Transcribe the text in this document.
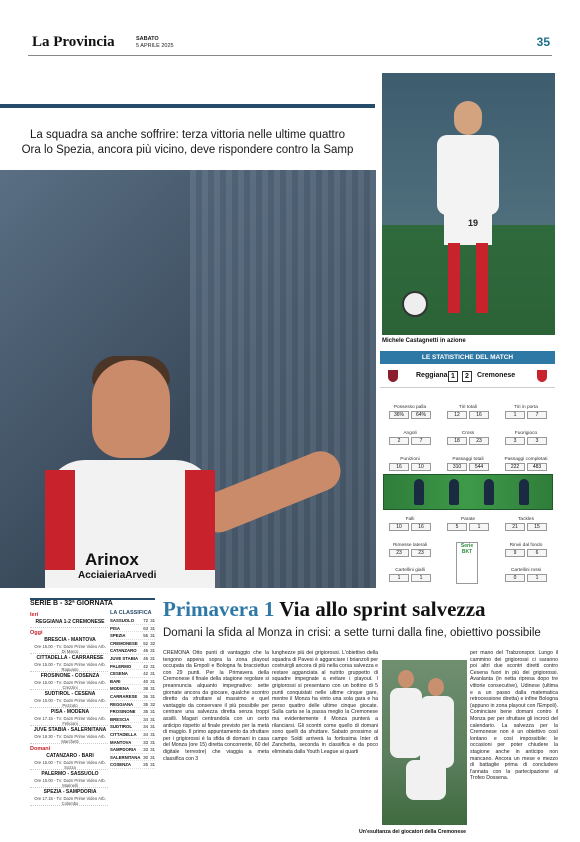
La Provincia	SABATO
5 APRILE 2025	35
La squadra sa anche soffrire: terza vittoria nelle ultime quattro
Ora lo Spezia, ancora più vicino, deve rispondere contro la Samp
Arinox
AcciaieriaArvedi
19
Michele Castagnetti in azione
LE STATISTICHE DEL MATCH
Reggiana 1	2	Cremonese
Possesso palla
36%	64%
Tiri totali
12	16
Tiri in porta
1	7
Angoli
2	7
Cross
18	23
Fuorigioco
3	3
Punizioni
16	10
Passaggi totali
310	544
Passaggi completati
222	483
Falli
10	16
Parate
5	1
Tackles
21	15
Rimesse laterali
23	23
Rinvii dal fondo
9	6
Cartellini gialli
1	1
Cartellini rossi
0	1
Serie BKT
SERIE B - 32ª GIORNATA
Ieri
REGGIANA 1-2 CREMONESE
Oggi
BRESCIA - MANTOVA
Ore 15.00 - Tv: Dazn Prime Video Arb. Di Marco
CITTADELLA - CARRARESE
Ore 15.00 - Tv: Dazn Prime Video Arb. Rapuano
FROSINONE - COSENZA
Ore 15.00 - Tv: Dazn Prime Video Arb. Crezzini
SUDTIROL - CESENA
Ore 15.00 - Tv: Dazn Prime Video Arb. Pezzuto
PISA - MODENA
Ore 17.15 - Tv: Dazn Prime Video Arb. Feliciani
JUVE STABIA - SALERNITANA
Ore 19.30 - Tv: Dazn Prime Video Arb. Marchetti
Domani
CATANZARO - BARI
Ore 15.00 - Tv: Dazn Prime Video Arb. Sozza
PALERMO - SASSUOLO
Ore 15.00 - Tv: Dazn Prime Video Arb. Marinelli
SPEZIA - SAMPDORIA
Ore 17.15 - Tv: Dazn Prime Video Arb. Colombo
LA CLASSIFICA
SASSUOLO	72 31
PISA	63 31
SPEZIA	55 31
CREMONESE	52 32
CATANZARO	46 31
JUVE STABIA	46 31
PALERMO	42 31
CESENA	42 31
BARI	40 31
MODENA	38 31
CARRARESE	36 31
REGGIANA	35 32
FROSINONE	35 31
BRESCIA	34 31
SUDTIROL	34 31
CITTADELLA	34 31
MANTOVA	33 31
SAMPDORIA	33 31
SALERNITANA 30 31
COSENZA	25 31
Primavera 1 Via allo sprint salvezza
Domani la sfida al Monza in crisi: a sette turni dalla fine, obiettivo possibile
CREMONA Otto punti di vantaggio che la tengono appena sopra la zona playout occupata da Empoli e Bologna fa bracciettuo con 29 punti. Per la Primavera della Cremonese il finale della stagione regolare si preannuncia alquanto impegnativo: sette giornate ancora da giocare, qualche scontro diretto da sfruttare al massimo e quel vantaggio da conservare il più possibile per centrare una salvezza diretta senza troppi assilli. Magari centrandola con un certo anticipo rispetto al finale previsto per la metà di maggio. Il primo appuntamento da sfruttare per i grigiorossi è la sfida di domani in casa del Monza (ore 15) diretta concorrente, 60 del digitale terrestre) che viaggia a meta classifica con 3
lunghezze più dei grigiorossi. L'obiettivo della squadra di Pavesi è agganciare i brianzoli per costruirgli ancora di più nella corsa salvezza e restare agganciata al nutrito gruppetto di squadre impegnate a evitare i playout. I grigiorossi si presentano con un bottino di 5 punti conquistati nelle ultime cinque gare, mentre il Monza ha vinto una sola gara e ha perso quattro delle ultime cinque giocate. Sulla carta se la passa meglio la Cremonese ma evidentemente il Monza punterà a rilanciarsi. Gli scontri come quello di domani sono quelli da sfruttare. Sabato prossimo al campo Soldi arriverà la fortissima Inter di Zanchetta, seconda in classifica e da poco eliminata dalla Youth League ai quarti
per mano del Trabzonspor. Lungo il cammino dei grigiorossi ci saranno poi altri due scontri diretti contro Cesena fuori in più dei grigiorossi. Avanlanta (in netta ripresa dopo tre vittorie consecutive), Udinese (ultima e a un passo dalla matematica retrocessione diretta) e infine Bologna (appuno in zona playout con l'Empoli). Cominciare bene domani contro il Monza per per sfruttare gli incroci del calendario. La salvezza per la Cremonese non è un obiettivo così lontano e così impossibile: le occasioni per poter chiudere la stagione anche in anticipo non mancano. Ancora un mese e mezzo di battaglie prima di concludere l'annata con la partecipazione al Trofeo Dossena.
Un'esultanza dei giocatori della Cremonese
